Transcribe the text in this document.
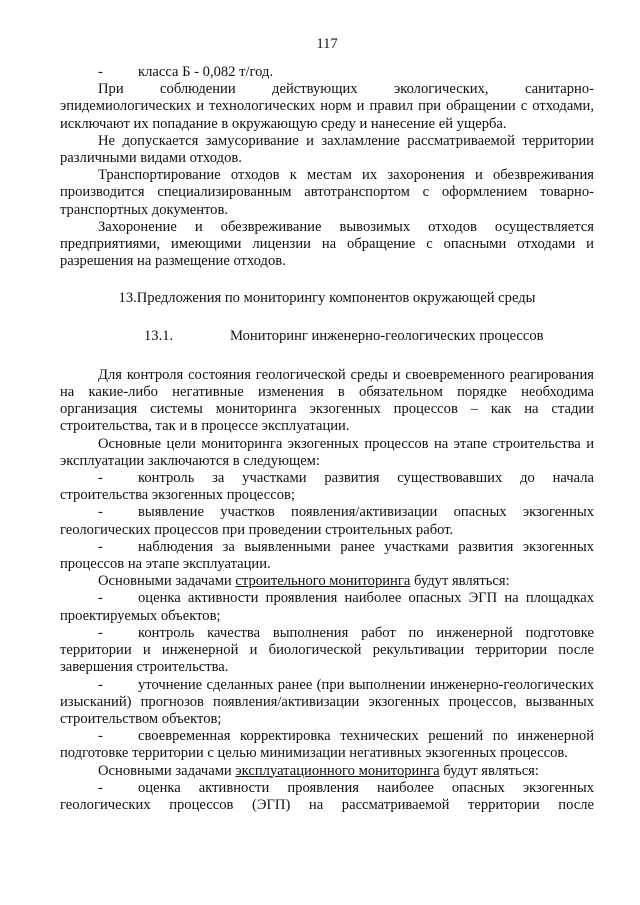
117

- класса Б - 0,082 т/год.

При соблюдении действующих экологических, санитарно-эпидемиологических и технологических норм и правил при обращении с отходами, исключают их попадание в окружающую среду и нанесение ей ущерба.

Не допускается замусоривание и захламление рассматриваемой территории различными видами отходов.

Транспортирование отходов к местам их захоронения и обезвреживания производится специализированным автотранспортом с оформлением товарно-транспортных документов.

Захоронение и обезвреживание вывозимых отходов осуществляется предприятиями, имеющими лицензии на обращение с опасными отходами и разрешения на размещение отходов.

13.Предложения по мониторингу компонентов окружающей среды

13.1.	Мониторинг инженерно-геологических процессов

Для контроля состояния геологической среды и своевременного реагирования на какие-либо негативные изменения в обязательном порядке необходима организация системы мониторинга экзогенных процессов – как на стадии строительства, так и в процессе эксплуатации.

Основные цели мониторинга экзогенных процессов на этапе строительства и эксплуатации заключаются в следующем:

- контроль за участками развития существовавших до начала строительства экзогенных процессов;

- выявление участков появления/активизации опасных экзогенных геологических процессов при проведении строительных работ.

- наблюдения за выявленными ранее участками развития экзогенных процессов на этапе эксплуатации.

Основными задачами строительного мониторинга будут являться:

- оценка активности проявления наиболее опасных ЭГП на площадках проектируемых объектов;

- контроль качества выполнения работ по инженерной подготовке территории и инженерной и биологической рекультивации территории после завершения строительства.

- уточнение сделанных ранее (при выполнении инженерно-геологических изысканий) прогнозов появления/активизации экзогенных процессов, вызванных строительством объектов;

- своевременная корректировка технических решений по инженерной подготовке территории с целью минимизации негативных экзогенных процессов.

Основными задачами эксплуатационного мониторинга будут являться:

- оценка активности проявления наиболее опасных экзогенных геологических процессов (ЭГП) на рассматриваемой территории после
